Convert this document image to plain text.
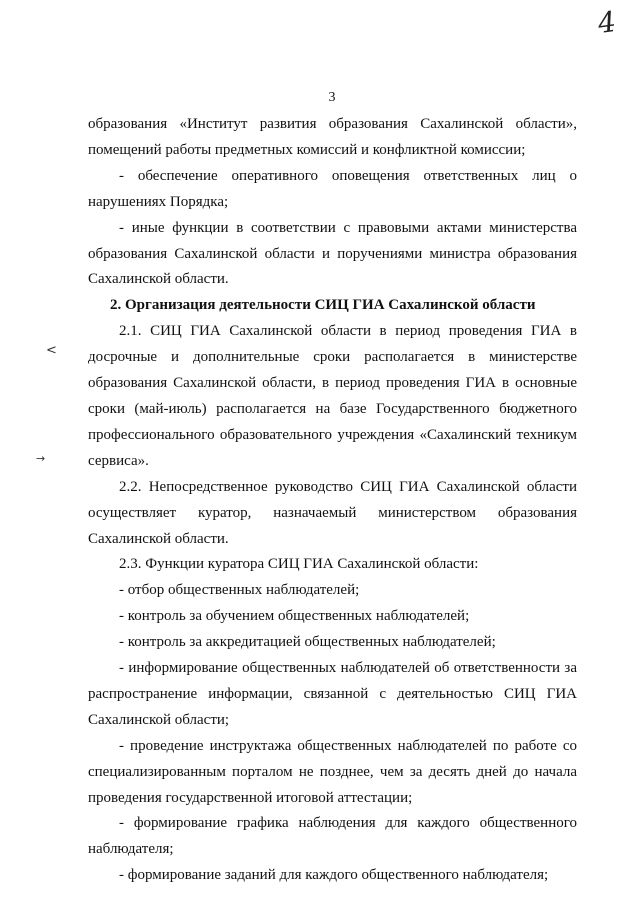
4
3
<
→

образования «Институт развития образования Сахалинской области», помещений работы предметных комиссий и конфликтной комиссии;

- обеспечение оперативного оповещения ответственных лиц о нарушениях Порядка;

- иные функции в соответствии с правовыми актами министерства образования Сахалинской области и поручениями министра образования Сахалинской области.

2. Организация деятельности СИЦ ГИА Сахалинской области

2.1. СИЦ ГИА Сахалинской области в период проведения ГИА в досрочные и дополнительные сроки располагается в министерстве образования Сахалинской области, в период проведения ГИА в основные сроки (май-июль) располагается на базе Государственного бюджетного профессионального образовательного учреждения «Сахалинский техникум сервиса».

2.2. Непосредственное руководство СИЦ ГИА Сахалинской области осуществляет куратор, назначаемый министерством образования Сахалинской области.

2.3. Функции куратора СИЦ ГИА Сахалинской области:

- отбор общественных наблюдателей;

- контроль за обучением общественных наблюдателей;

- контроль за аккредитацией общественных наблюдателей;

- информирование общественных наблюдателей об ответственности за распространение информации, связанной с деятельностью СИЦ ГИА Сахалинской области;

- проведение инструктажа общественных наблюдателей по работе со специализированным порталом не позднее, чем за десять дней до начала проведения государственной итоговой аттестации;

- формирование графика наблюдения для каждого общественного наблюдателя;

- формирование заданий для каждого общественного наблюдателя;
